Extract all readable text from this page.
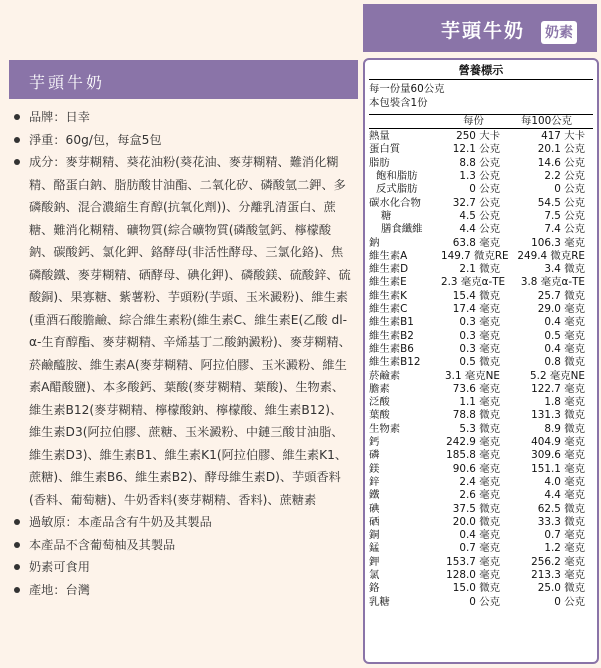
芋頭牛奶
品牌：日幸
淨重：60g/包，每盒5包
成分：麥芽糊精、葵花油粉(葵花油、麥芽糊精、難消化糊精、酪蛋白鈉、脂肪酸甘油酯、二氧化矽、磷酸氫二鉀、多磷酸鈉、混合濃縮生育醇(抗氧化劑))、分離乳清蛋白、蔗糖、難消化糊精、礦物質(綜合礦物質(磷酸氫鈣、檸檬酸鈉、碳酸鈣、氯化鉀、鉻酵母(非活性酵母、三氯化鉻)、焦磷酸鐵、麥芽糊精、硒酵母、碘化鉀)、磷酸鎂、硫酸鋅、硫酸銅)、果寡糖、紫薯粉、芋頭粉(芋頭、玉米澱粉)、維生素(重酒石酸膽鹼、綜合維生素粉(維生素C、維生素E(乙酸 dl-α-生育醇酯、麥芽糊精、辛烯基丁二酸鈉澱粉)、麥芽糊精、菸鹼醯胺、維生素A(麥芽糊精、阿拉伯膠、玉米澱粉、維生素A醋酸鹽)、本多酸鈣、葉酸(麥芽糊精、葉酸)、生物素、維生素B12(麥芽糊精、檸檬酸鈉、檸檬酸、維生素B12)、維生素D3(阿拉伯膠、蔗糖、玉米澱粉、中鏈三酸甘油脂、維生素D3)、維生素B1、維生素K1(阿拉伯膠、維生素K1、蔗糖)、維生素B6、維生素B2)、酵母維生素D)、芋頭香料(香料、葡萄糖)、牛奶香料(麥芽糊精、香料)、蔗糖素
過敏原：本產品含有牛奶及其製品
本產品不含葡萄柚及其製品
奶素可食用
產地：台灣
芋頭牛奶 奶素
營養標示
每一份量60公克
本包裝含1份
每份	每100公克
熱量	250 大卡	417 大卡
蛋白質	12.1 公克	20.1 公克
脂肪	8.8 公克	14.6 公克
飽和脂肪	1.3 公克	2.2 公克
反式脂肪	0 公克	0 公克
碳水化合物	32.7 公克	54.5 公克
糖	4.5 公克	7.5 公克
膳食纖維	4.4 公克	7.4 公克
鈉	63.8 毫克	106.3 毫克
維生素A	149.7 微克RE 249.4 微克RE
維生素D	2.1 微克	3.4 微克
維生素E	2.3 毫克α-TE	3.8 毫克α-TE
維生素K	15.4 微克	25.7 微克
維生素C	17.4 毫克	29.0 毫克
維生素B1	0.3 毫克	0.4 毫克
維生素B2	0.3 毫克	0.5 毫克
維生素B6	0.3 毫克	0.4 毫克
維生素B12	0.5 微克	0.8 微克
菸鹼素	3.1 毫克NE	5.2 毫克NE
膽素	73.6 毫克	122.7 毫克
泛酸	1.1 毫克	1.8 毫克
葉酸	78.8 微克	131.3 微克
生物素	5.3 微克	8.9 微克
鈣	242.9 毫克	404.9 毫克
磷	185.8 毫克	309.6 毫克
鎂	90.6 毫克	151.1 毫克
鋅	2.4 毫克	4.0 毫克
鐵	2.6 毫克	4.4 毫克
碘	37.5 微克	62.5 微克
硒	20.0 微克	33.3 微克
銅	0.4 毫克	0.7 毫克
錳	0.7 毫克	1.2 毫克
鉀	153.7 毫克	256.2 毫克
氯	128.0 毫克	213.3 毫克
鉻	15.0 微克	25.0 微克
乳糖	0 公克	0 公克
